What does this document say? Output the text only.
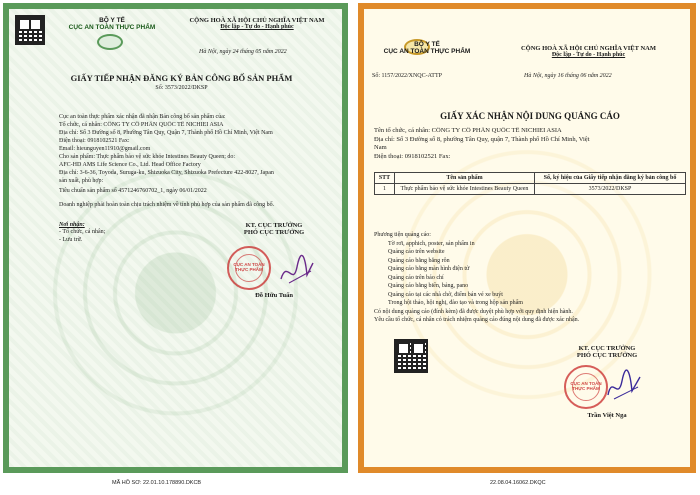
BỘ Y TẾ
CỤC AN TOÀN THỰC PHẨM
CỘNG HOÀ XÃ HỘI CHỦ NGHĨA VIỆT NAM
Độc lập - Tự do - Hạnh phúc
Hà Nội, ngày 24 tháng 05 năm 2022
GIẤY TIẾP NHẬN ĐĂNG KÝ BẢN CÔNG BỐ SẢN PHẨM
Số: 3573/2022/DKSP
Cục an toàn thực phẩm xác nhận đã nhận Bản công bố sản phẩm của:
Tổ chức, cá nhân: CÔNG TY CỔ PHẦN QUỐC TẾ NICHIEI ASIA
Địa chỉ: Số 3 Đường số 8, Phường Tân Quy, Quận 7, Thành phố Hồ Chí Minh, Việt Nam
Điện thoại: 0918102521 Fax:
Email: hieunguyen11910@gmail.com
Cho sản phẩm: Thực phẩm bảo vệ sức khỏe Intestines Beauty Queen; do:
AFC-HD AMS Life Science Co., Ltd. Head Office Factory
Địa chỉ: 3-6-36, Toyoda, Suruga-ku, Shizuoka City, Shizuoka Prefecture 422-8027, Japan
sản xuất, phù hợp:
Tiêu chuẩn sản phẩm số 4571246760702_1, ngày 06/01/2022
Doanh nghiệp phải hoàn toàn chịu trách nhiệm về tính phù hợp của sản phẩm đã công bố.
Nơi nhận:
- Tổ chức, cá nhân;
- Lưu trữ.
KT. CỤC TRƯỞNG
PHÓ CỤC TRƯỞNG
CỤC AN TOÀN THỰC PHẨM
Đỗ Hữu Tuấn
MÃ HỒ SƠ: 22.01.10.178890.DKCB
BỘ Y TẾ
CỤC AN TOÀN THỰC PHẨM	CỘNG HOÀ XÃ HỘI CHỦ NGHĨA VIỆT NAM
Độc lập - Tự do - Hạnh phúc
Số: 1157/2022/XNQC-ATTP	Hà Nội, ngày 16 tháng 06 năm 2022
GIẤY XÁC NHẬN NỘI DUNG QUẢNG CÁO
Tên tổ chức, cá nhân: CÔNG TY CỔ PHẦN QUỐC TẾ NICHIEI ASIA
Địa chỉ: Số 3 Đường số 8, phường Tân Quy, quận 7, Thành phố Hồ Chí Minh, Việt
Nam
Điện thoại: 0918102521 Fax:
STT	Tên sản phẩm	Số, ký hiệu của Giấy tiếp nhận đăng ký bản công bố
1	Thực phẩm bảo vệ sức khỏe Intestines Beauty Queen	3573/2022/DKSP
Phương tiện quảng cáo:
Tờ rơi, apphich, poster, sản phẩm in
Quảng cáo trên website
Quảng cáo bằng băng rôn
Quảng cáo bằng màn hình điện tử
Quảng cáo trên báo chí
Quảng cáo bằng biển, bảng, pano
Quảng cáo tại các nhà chờ, điểm bán vé xe buýt
Trong hội thảo, hội nghị, đào tạo và trong hộp sản phẩm
Có nội dung quảng cáo (đính kèm) đã được duyệt phù hợp với quy định hiện hành.
Yêu cầu tổ chức, cá nhân có trách nhiệm quảng cáo đúng nội dung đã được xác nhận.
KT. CỤC TRƯỞNG
PHÓ CỤC TRƯỞNG
CỤC AN TOÀN THỰC PHẨM
Trần Việt Nga
22.08.04.16062.DKQC
